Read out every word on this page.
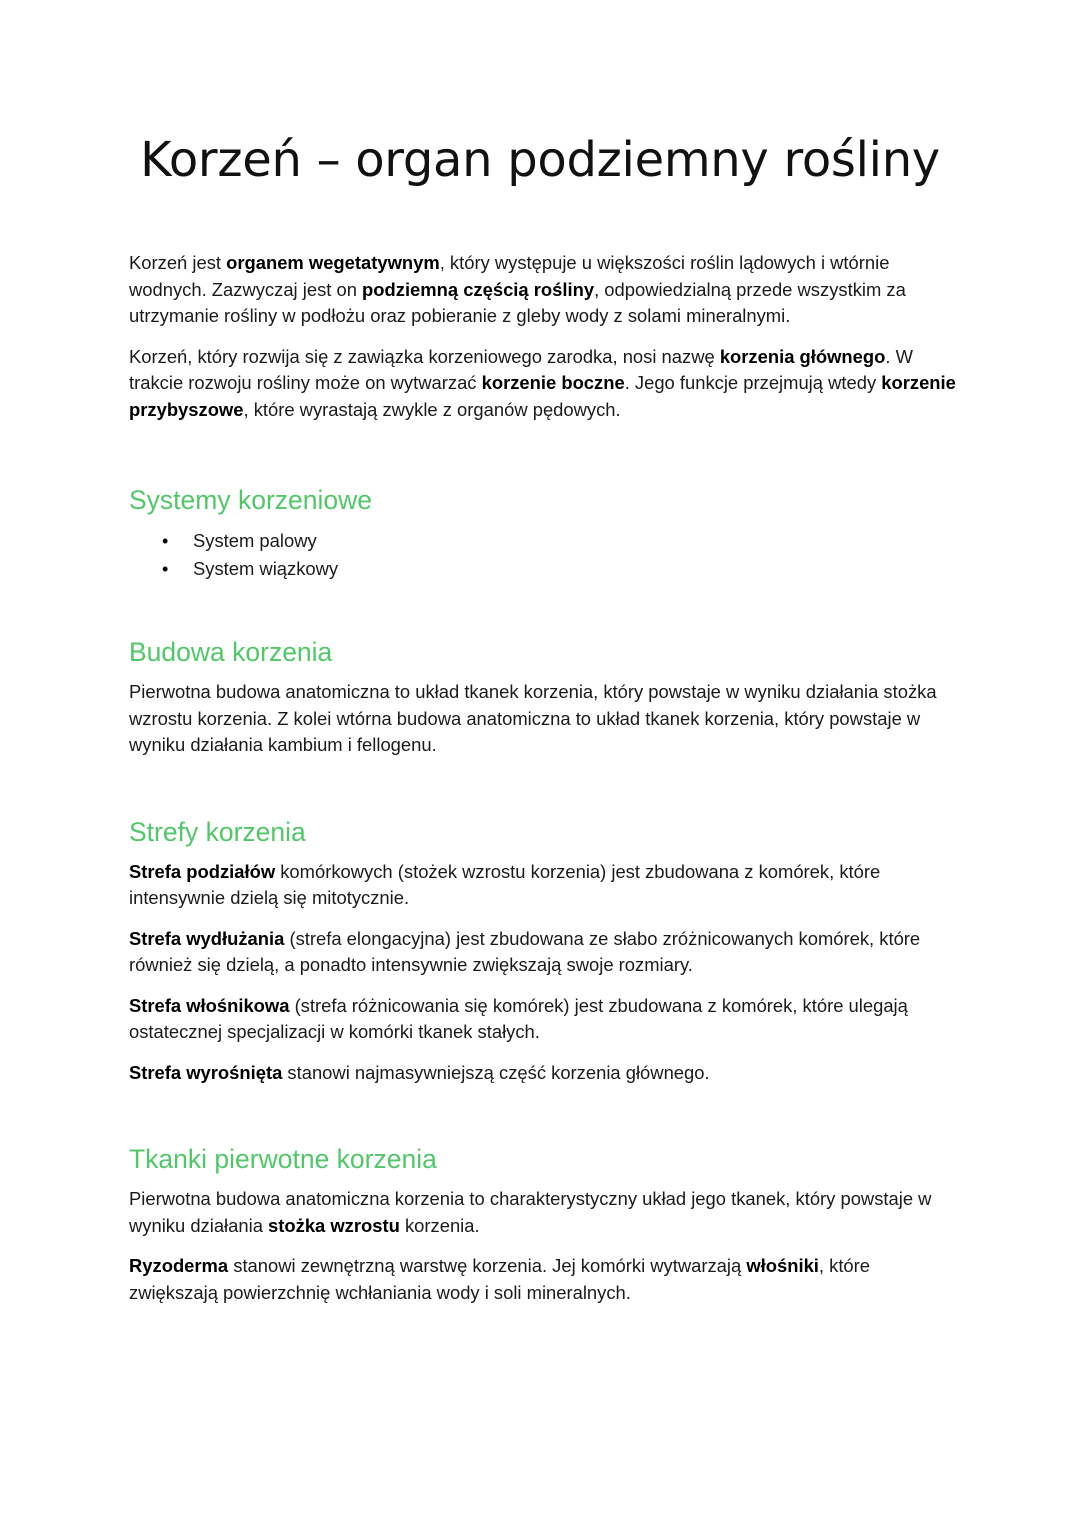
Korzeń – organ podziemny rośliny

Korzeń jest organem wegetatywnym, który występuje u większości roślin lądowych i wtórnie wodnych. Zazwyczaj jest on podziemną częścią rośliny, odpowiedzialną przede wszystkim za utrzymanie rośliny w podłożu oraz pobieranie z gleby wody z solami mineralnymi.

Korzeń, który rozwija się z zawiązka korzeniowego zarodka, nosi nazwę korzenia głównego. W trakcie rozwoju rośliny może on wytwarzać korzenie boczne. Jego funkcje przejmują wtedy korzenie przybyszowe, które wyrastają zwykle z organów pędowych.

Systemy korzeniowe
• System palowy
• System wiązkowy
Budowa korzenia

Pierwotna budowa anatomiczna to układ tkanek korzenia, który powstaje w wyniku działania stożka wzrostu korzenia. Z kolei wtórna budowa anatomiczna to układ tkanek korzenia, który powstaje w wyniku działania kambium i fellogenu.

Strefy korzenia

Strefa podziałów komórkowych (stożek wzrostu korzenia) jest zbudowana z komórek, które intensywnie dzielą się mitotycznie.

Strefa wydłużania (strefa elongacyjna) jest zbudowana ze słabo zróżnicowanych komórek, które również się dzielą, a ponadto intensywnie zwiększają swoje rozmiary.

Strefa włośnikowa (strefa różnicowania się komórek) jest zbudowana z komórek, które ulegają ostatecznej specjalizacji w komórki tkanek stałych.

Strefa wyrośnięta stanowi najmasywniejszą część korzenia głównego.

Tkanki pierwotne korzenia

Pierwotna budowa anatomiczna korzenia to charakterystyczny układ jego tkanek, który powstaje w wyniku działania stożka wzrostu korzenia.

Ryzoderma stanowi zewnętrzną warstwę korzenia. Jej komórki wytwarzają włośniki, które zwiększają powierzchnię wchłaniania wody i soli mineralnych.
